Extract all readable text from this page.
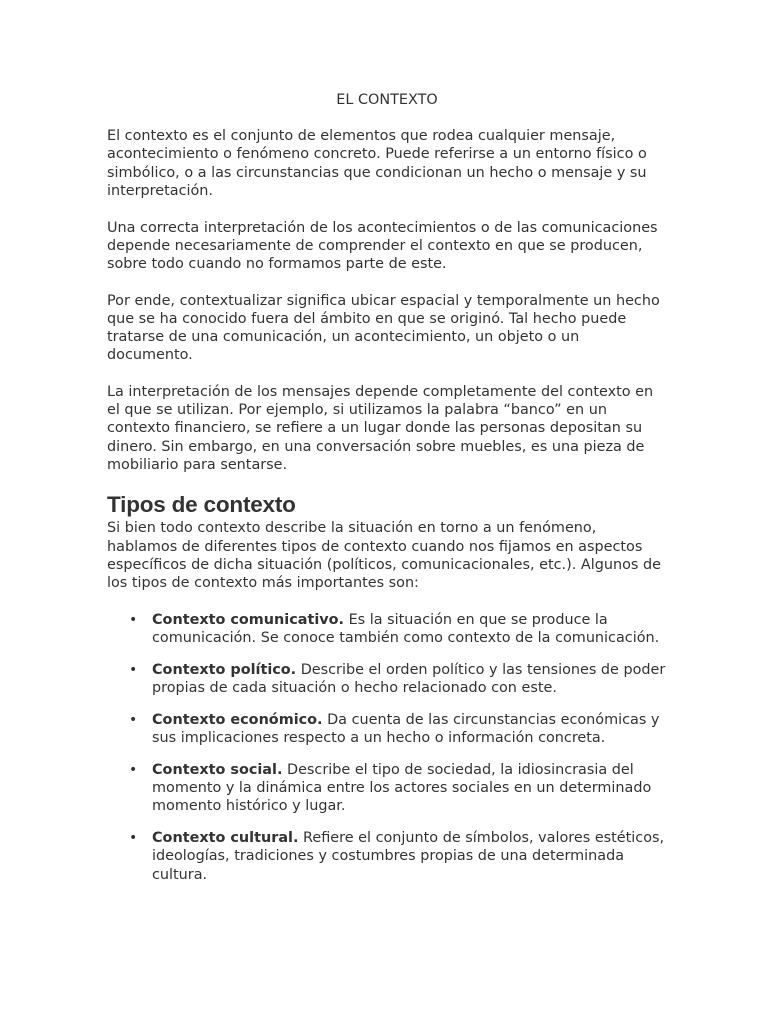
EL CONTEXTO

El contexto es el conjunto de elementos que rodea cualquier mensaje, acontecimiento o fenómeno concreto. Puede referirse a un entorno físico o simbólico, o a las circunstancias que condicionan un hecho o mensaje y su interpretación.

Una correcta interpretación de los acontecimientos o de las comunicaciones depende necesariamente de comprender el contexto en que se producen, sobre todo cuando no formamos parte de este.

Por ende, contextualizar significa ubicar espacial y temporalmente un hecho que se ha conocido fuera del ámbito en que se originó. Tal hecho puede tratarse de una comunicación, un acontecimiento, un objeto o un documento.

La interpretación de los mensajes depende completamente del contexto en el que se utilizan. Por ejemplo, si utilizamos la palabra “banco” en un contexto financiero, se refiere a un lugar donde las personas depositan su dinero. Sin embargo, en una conversación sobre muebles, es una pieza de mobiliario para sentarse.

Tipos de contexto

Si bien todo contexto describe la situación en torno a un fenómeno, hablamos de diferentes tipos de contexto cuando nos fijamos en aspectos específicos de dicha situación (políticos, comunicacionales, etc.). Algunos de los tipos de contexto más importantes son:

• Contexto comunicativo. Es la situación en que se produce la comunicación. Se conoce también como contexto de la comunicación.
• Contexto político. Describe el orden político y las tensiones de poder propias de cada situación o hecho relacionado con este.
• Contexto económico. Da cuenta de las circunstancias económicas y sus implicaciones respecto a un hecho o información concreta.
• Contexto social. Describe el tipo de sociedad, la idiosincrasia del momento y la dinámica entre los actores sociales en un determinado momento histórico y lugar.
• Contexto cultural. Refiere el conjunto de símbolos, valores estéticos, ideologías, tradiciones y costumbres propias de una determinada cultura.
